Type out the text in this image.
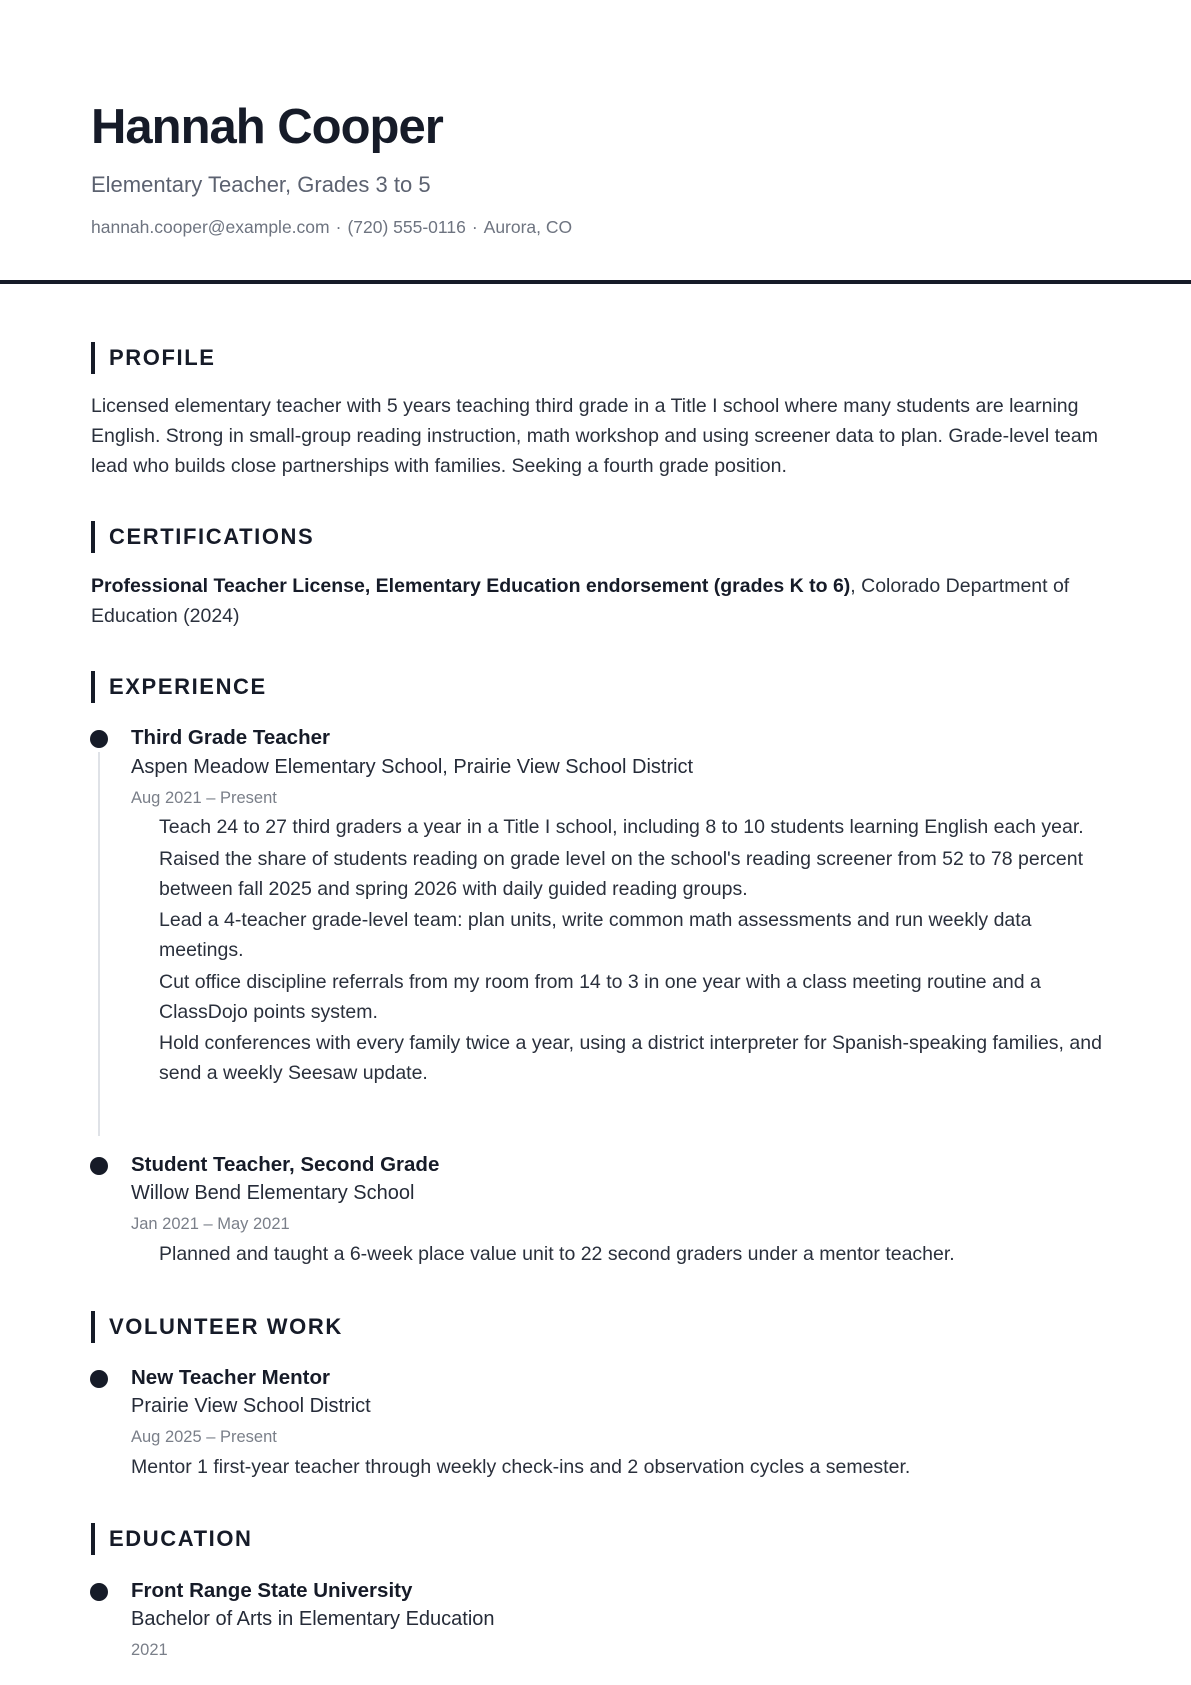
Hannah Cooper

Elementary Teacher, Grades 3 to 5

hannah.cooper@example.com · (720) 555-0116 · Aurora, CO

PROFILE

Licensed elementary teacher with 5 years teaching third grade in a Title I school where many students are learning English. Strong in small-group reading instruction, math workshop and using screener data to plan. Grade-level team lead who builds close partnerships with families. Seeking a fourth grade position.

CERTIFICATIONS

Professional Teacher License, Elementary Education endorsement (grades K to 6), Colorado Department of Education (2024)

EXPERIENCE

Third Grade Teacher

Aspen Meadow Elementary School, Prairie View School District

Aug 2021 – Present

Teach 24 to 27 third graders a year in a Title I school, including 8 to 10 students learning English each year.
Raised the share of students reading on grade level on the school's reading screener from 52 to 78 percent between fall 2025 and spring 2026 with daily guided reading groups.
Lead a 4-teacher grade-level team: plan units, write common math assessments and run weekly data meetings.
Cut office discipline referrals from my room from 14 to 3 in one year with a class meeting routine and a ClassDojo points system.
Hold conferences with every family twice a year, using a district interpreter for Spanish-speaking families, and send a weekly Seesaw update.

Student Teacher, Second Grade

Willow Bend Elementary School

Jan 2021 – May 2021

Planned and taught a 6-week place value unit to 22 second graders under a mentor teacher.
VOLUNTEER WORK

New Teacher Mentor

Prairie View School District

Aug 2025 – Present

Mentor 1 first-year teacher through weekly check-ins and 2 observation cycles a semester.

EDUCATION

Front Range State University

Bachelor of Arts in Elementary Education

2021
